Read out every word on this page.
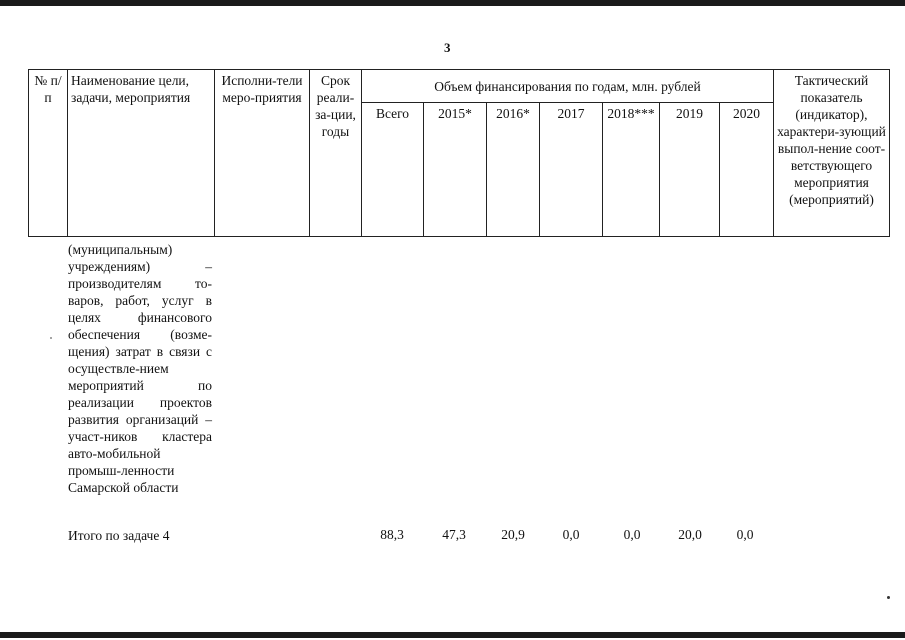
3
№ п/п	Наименование цели, задачи, мероприятия	Исполни-тели меро-приятия	Срок реали-за-ции, годы	Объем финансирования по годам, млн. рублей							Тактический показатель (индикатор), характери-зующий выпол-нение соот-ветствующего мероприятия (мероприятий)
				Всего	2015*	2016*	2017	2018***	2019	2020	
(муниципальным) учреждениям) – производителям то-варов, работ, услуг в целях финансового обеспечения (возме-щения) затрат в связи с осуществле-нием мероприятий по реализации проектов развития организаций – участ-ников кластера авто-мобильной промыш-ленности Самарской области
Итого по задаче 4	88,3	47,3	20,9	0,0	0,0	20,0	0,0
